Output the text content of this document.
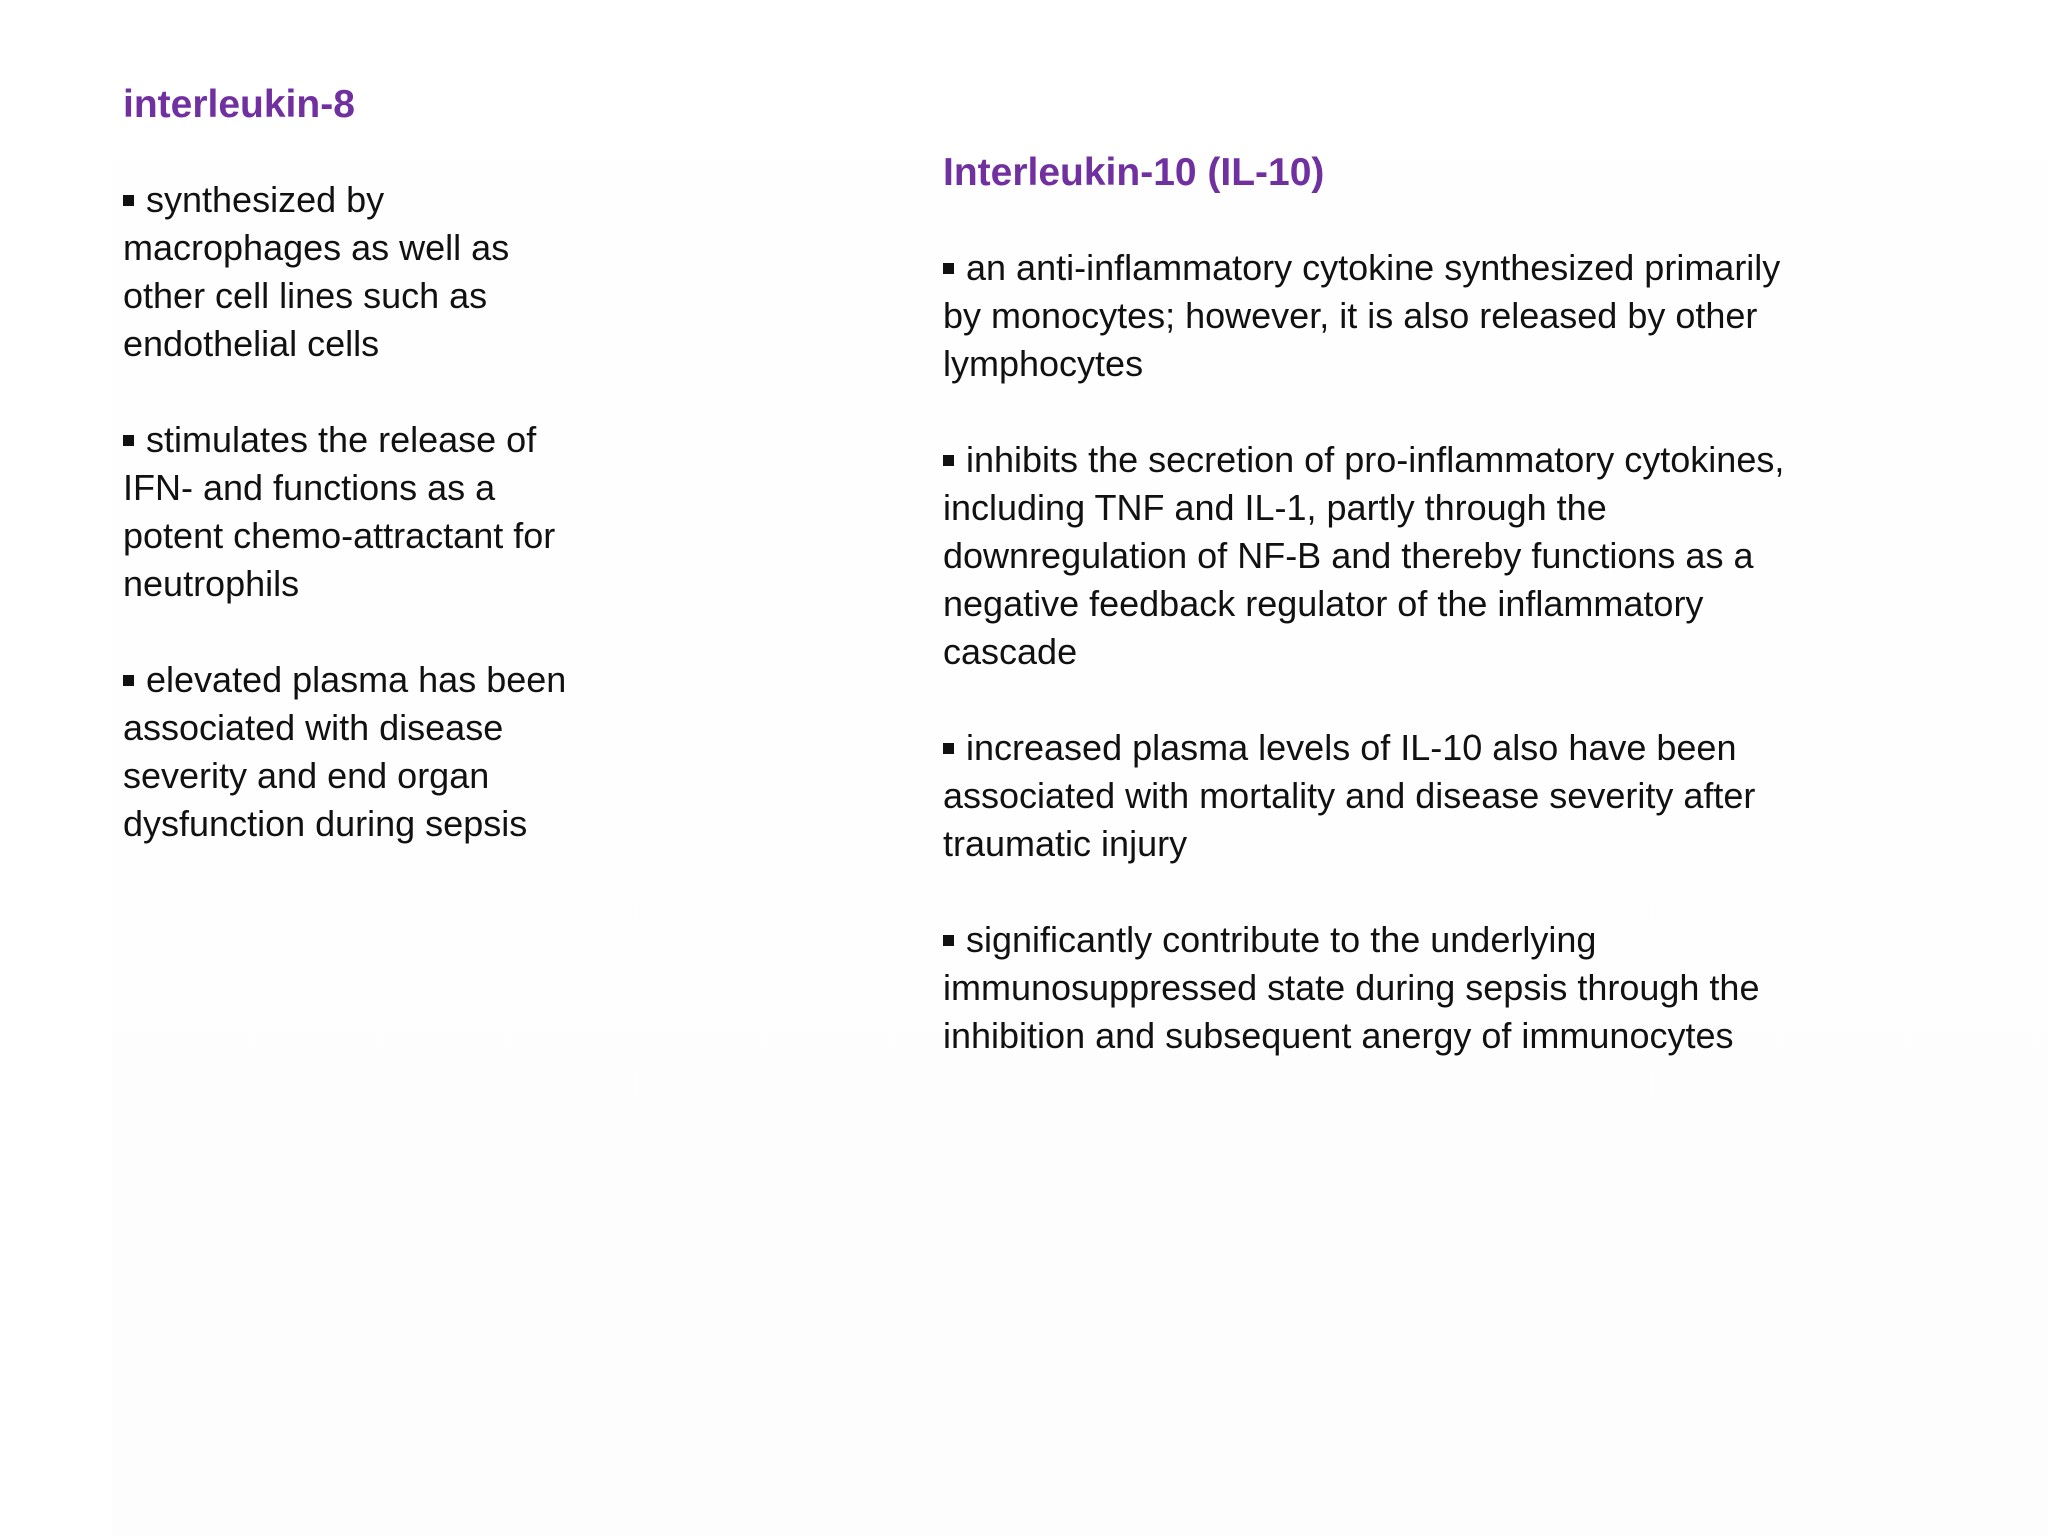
interleukin-8

synthesized by macrophages as well as other cell lines such as endothelial cells

stimulates the release of IFN- and functions as a potent chemo-attractant for neutrophils

elevated plasma has been associated with disease severity and end organ dysfunction during sepsis

Interleukin-10 (IL-10)

an anti-inflammatory cytokine synthesized primarily by monocytes; however, it is also released by other lymphocytes

inhibits the secretion of pro-inflammatory cytokines, including TNF and IL-1, partly through the downregulation of NF-B and thereby functions as a negative feedback regulator of the inflammatory cascade

increased plasma levels of IL-10 also have been associated with mortality and disease severity after traumatic injury

significantly contribute to the underlying immunosuppressed state during sepsis through the inhibition and subsequent anergy of immunocytes
